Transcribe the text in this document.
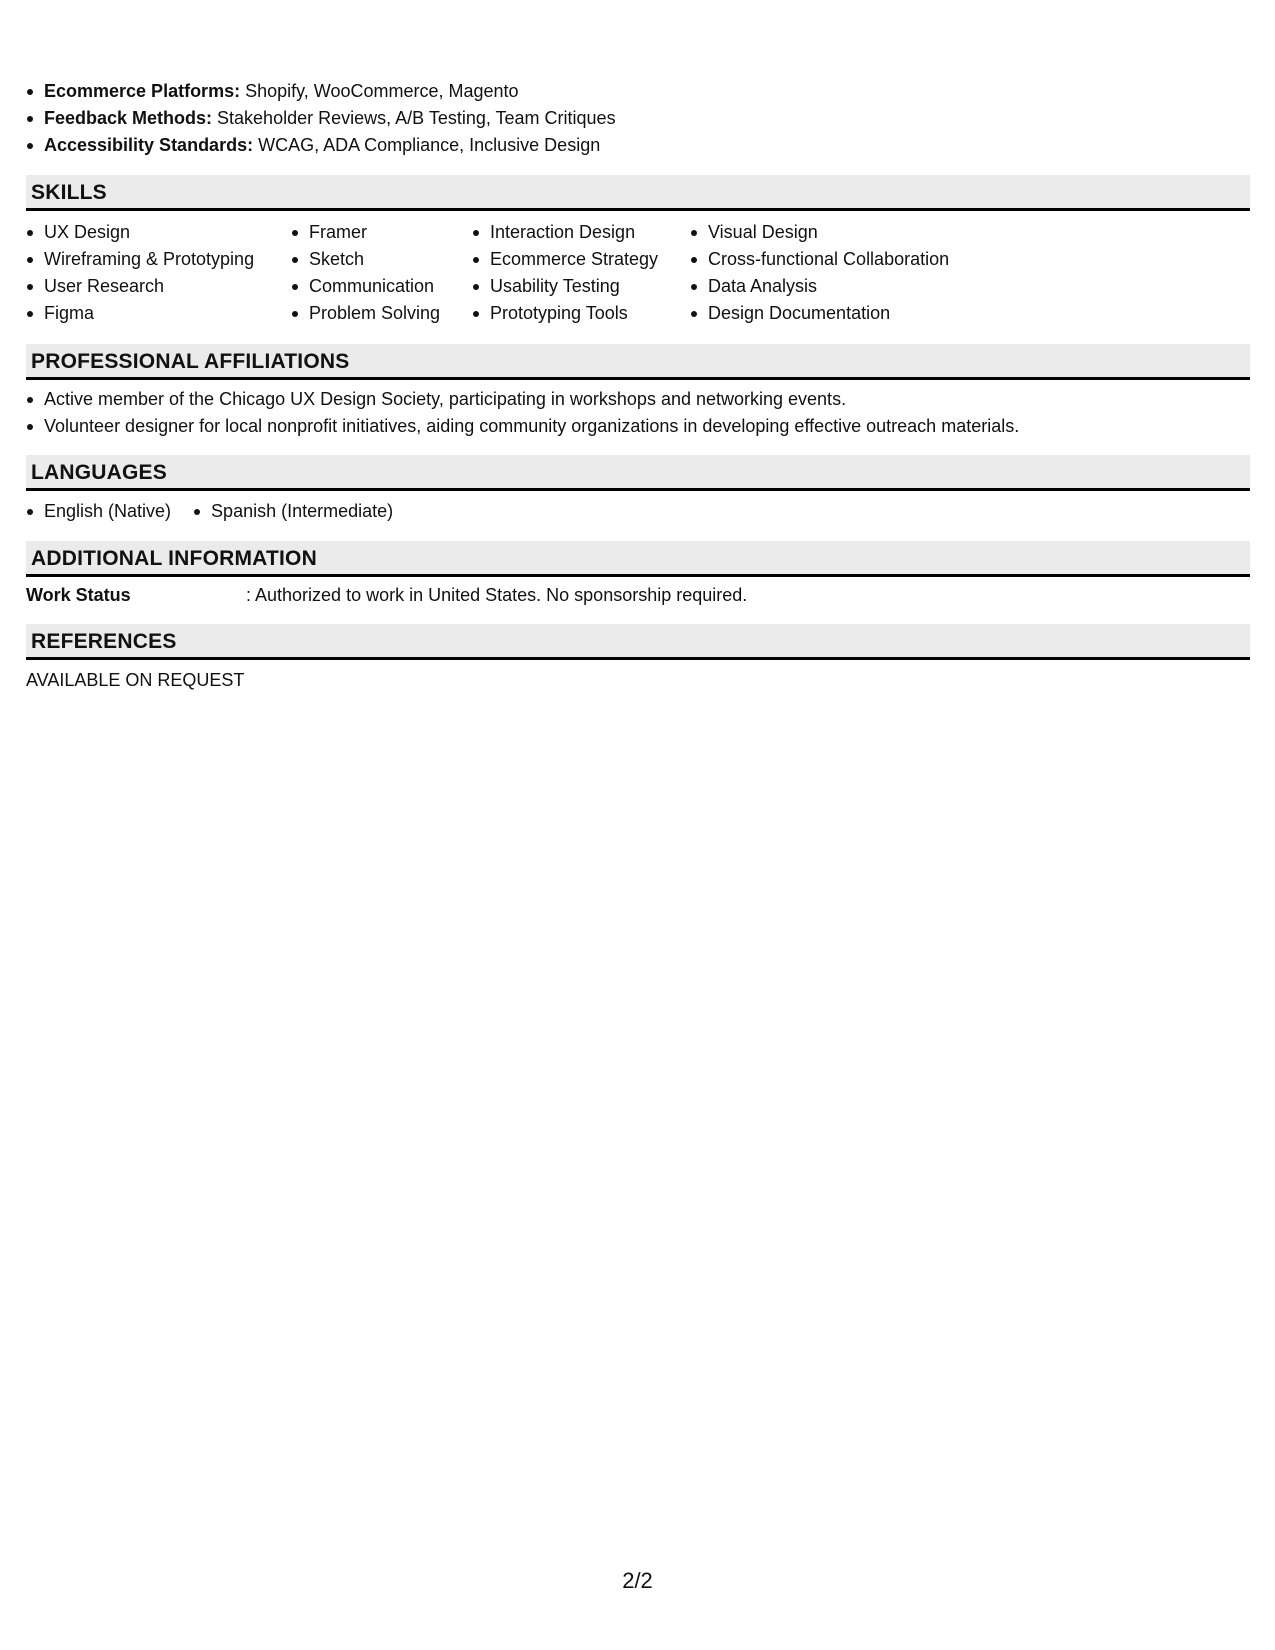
Ecommerce Platforms: Shopify, WooCommerce, Magento
Feedback Methods: Stakeholder Reviews, A/B Testing, Team Critiques
Accessibility Standards: WCAG, ADA Compliance, Inclusive Design
SKILLS
UX Design
Wireframing & Prototyping
User Research
Figma
Framer
Sketch
Communication
Problem Solving
Interaction Design
Ecommerce Strategy
Usability Testing
Prototyping Tools
Visual Design
Cross-functional Collaboration
Data Analysis
Design Documentation
PROFESSIONAL AFFILIATIONS
Active member of the Chicago UX Design Society, participating in workshops and networking events.
Volunteer designer for local nonprofit initiatives, aiding community organizations in developing effective outreach materials.
LANGUAGES
English (Native)	Spanish (Intermediate)
ADDITIONAL INFORMATION
Work Status	: Authorized to work in United States. No sponsorship required.
REFERENCES
AVAILABLE ON REQUEST
2/2
